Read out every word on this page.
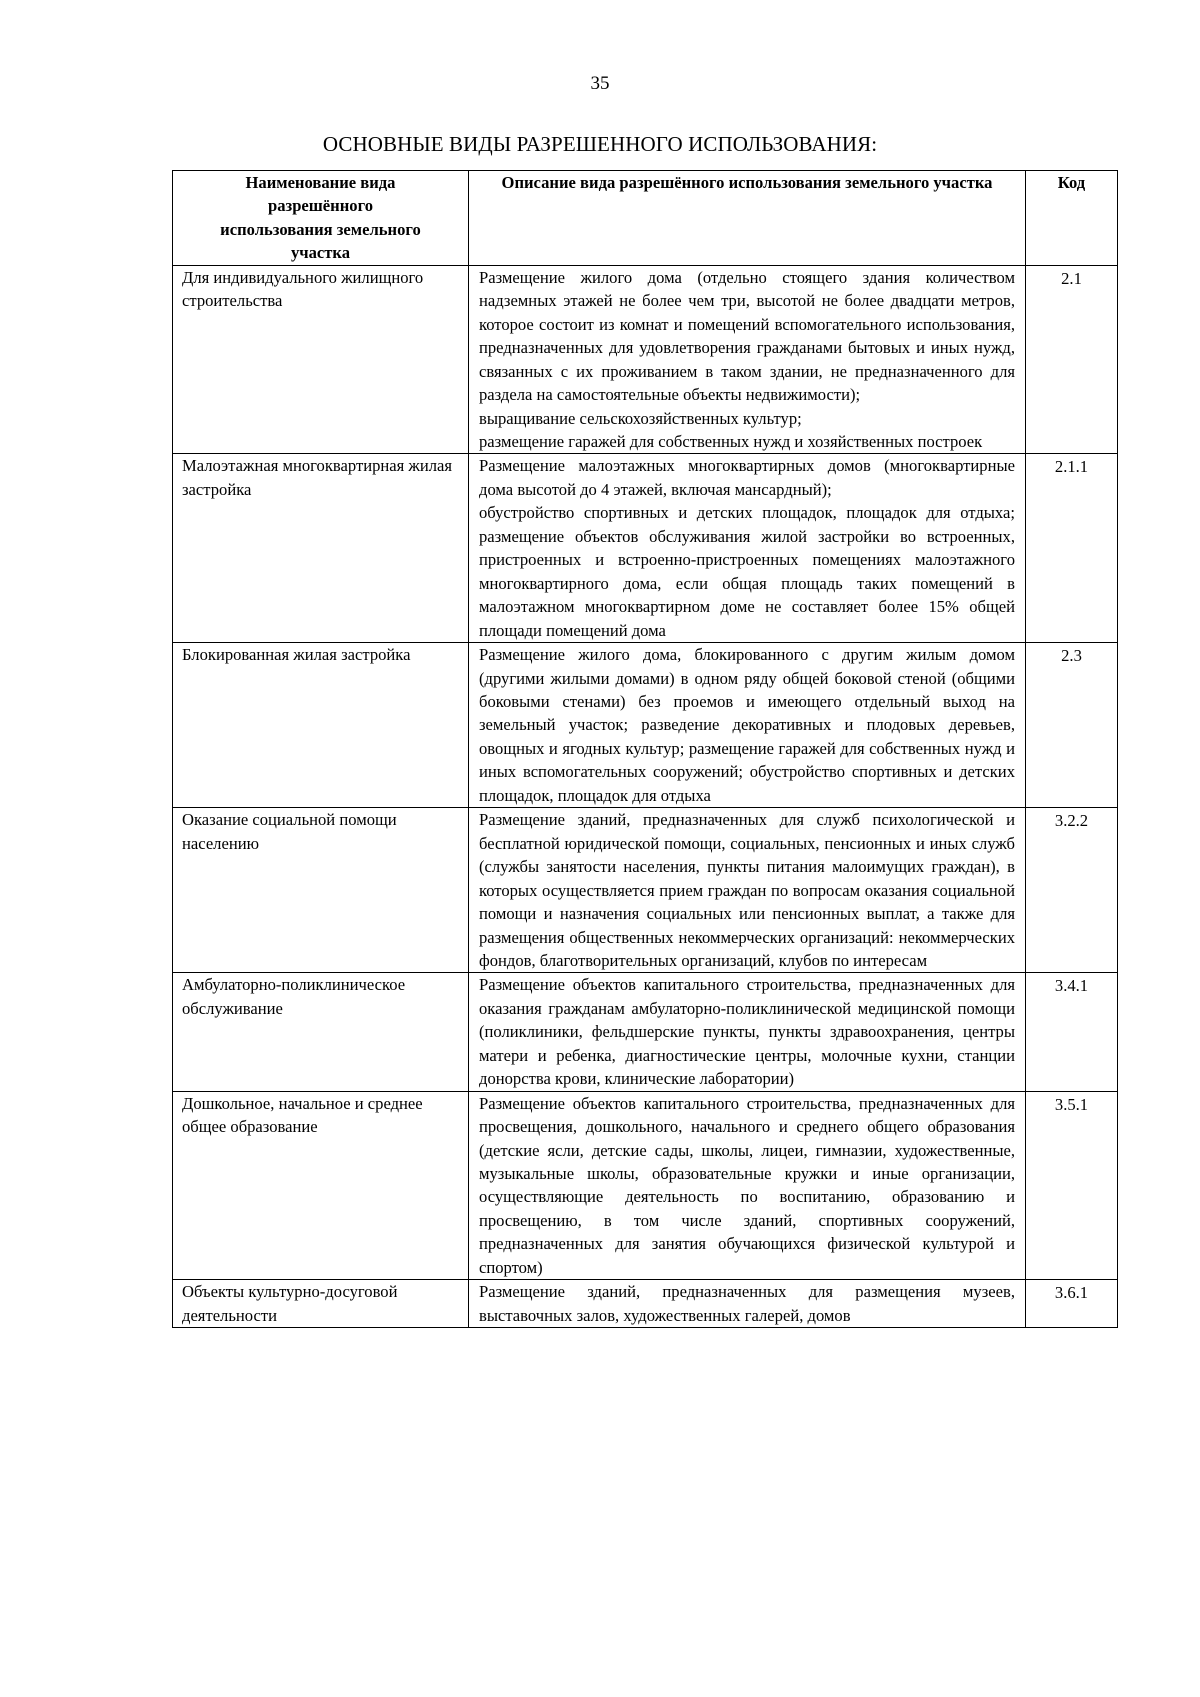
35
ОСНОВНЫЕ ВИДЫ РАЗРЕШЕННОГО ИСПОЛЬЗОВАНИЯ:
Наименование вида разрешённого использования земельного участка	Описание вида разрешённого использования земельного участка	Код
Для индивидуального жилищного строительства	Размещение жилого дома (отдельно стоящего здания количеством надземных этажей не более чем три, высотой не более двадцати метров, которое состоит из комнат и помещений вспомогательного использования, предназначенных для удовлетворения гражданами бытовых и иных нужд, связанных с их проживанием в таком здании, не предназначенного для раздела на самостоятельные объекты недвижимости);
выращивание сельскохозяйственных культур;
размещение гаражей для собственных нужд и хозяйственных построек	2.1
Малоэтажная многоквартирная жилая застройка	Размещение малоэтажных многоквартирных домов (многоквартирные дома высотой до 4 этажей, включая мансардный);
обустройство спортивных и детских площадок, площадок для отдыха; размещение объектов обслуживания жилой застройки во встроенных, пристроенных и встроенно-пристроенных помещениях малоэтажного многоквартирного дома, если общая площадь таких помещений в малоэтажном многоквартирном доме не составляет более 15% общей площади помещений дома	2.1.1
Блокированная жилая застройка	Размещение жилого дома, блокированного с другим жилым домом (другими жилыми домами) в одном ряду общей боковой стеной (общими боковыми стенами) без проемов и имеющего отдельный выход на земельный участок; разведение декоративных и плодовых деревьев, овощных и ягодных культур; размещение гаражей для собственных нужд и иных вспомогательных сооружений; обустройство спортивных и детских площадок, площадок для отдыха	2.3
Оказание социальной помощи населению	Размещение зданий, предназначенных для служб психологической и бесплатной юридической помощи, социальных, пенсионных и иных служб (службы занятости населения, пункты питания малоимущих граждан), в которых осуществляется прием граждан по вопросам оказания социальной помощи и назначения социальных или пенсионных выплат, а также для размещения общественных некоммерческих организаций: некоммерческих фондов, благотворительных организаций, клубов по интересам	3.2.2
Амбулаторно-поликлиническое обслуживание	Размещение объектов капитального строительства, предназначенных для оказания гражданам амбулаторно-поликлинической медицинской помощи (поликлиники, фельдшерские пункты, пункты здравоохранения, центры матери и ребенка, диагностические центры, молочные кухни, станции донорства крови, клинические лаборатории)	3.4.1
Дошкольное, начальное и среднее общее образование	Размещение объектов капитального строительства, предназначенных для просвещения, дошкольного, начального и среднего общего образования (детские ясли, детские сады, школы, лицеи, гимназии, художественные, музыкальные школы, образовательные кружки и иные организации, осуществляющие деятельность по воспитанию, образованию и просвещению, в том числе зданий, спортивных сооружений, предназначенных для занятия обучающихся физической культурой и спортом)	3.5.1
Объекты культурно-досуговой деятельности	Размещение зданий, предназначенных для размещения музеев, выставочных залов, художественных галерей, домов	3.6.1
